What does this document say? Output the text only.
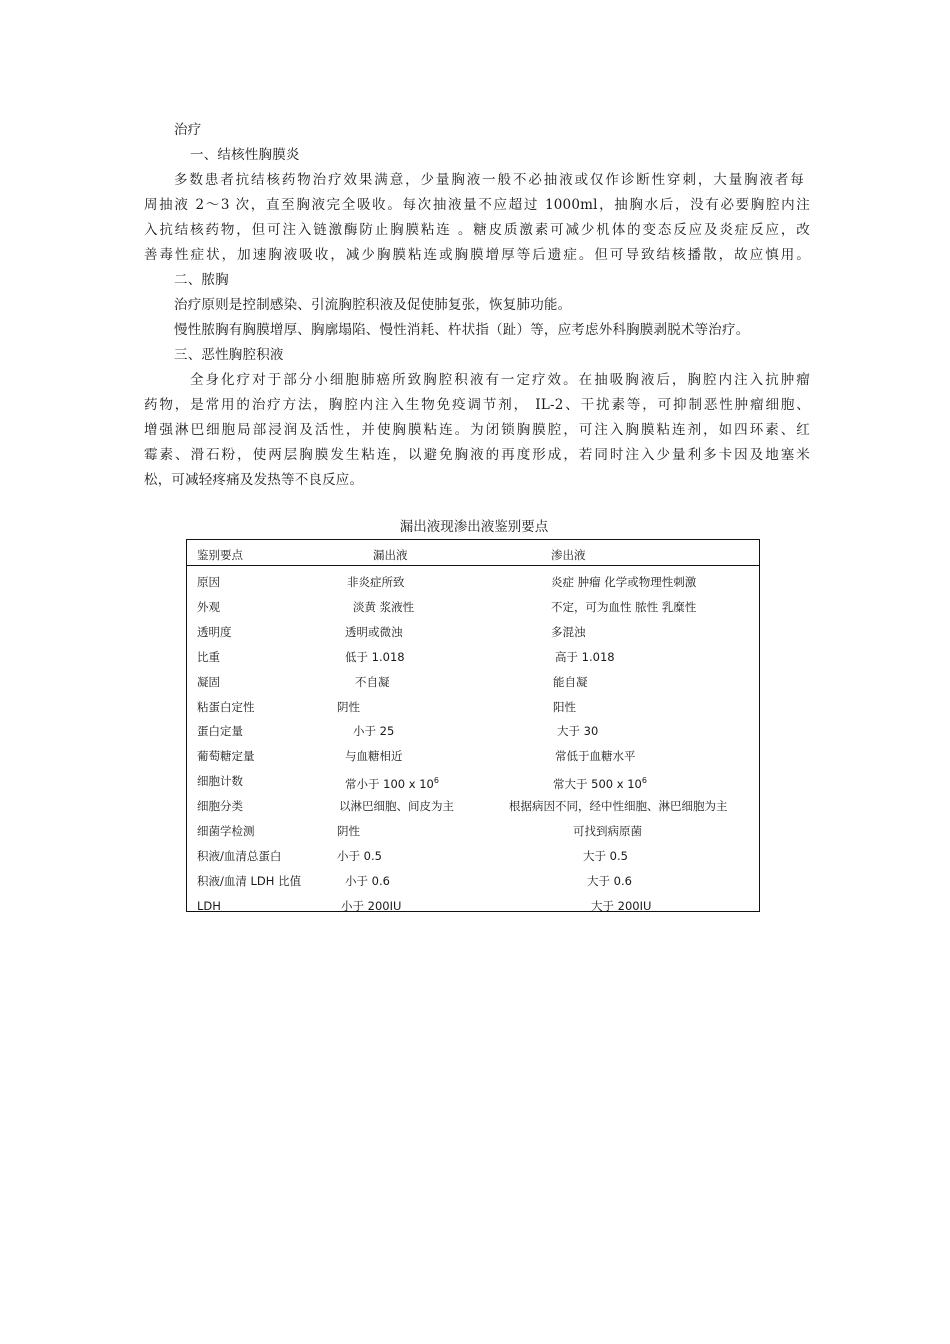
治疗
一、结核性胸膜炎
多数患者抗结核药物治疗效果满意，少量胸液一般不必抽液或仅作诊断性穿刺，大量胸液者每
周抽液 2～3 次，直至胸液完全吸收。每次抽液量不应超过 1000ml，抽胸水后，没有必要胸腔内注
入抗结核药物，但可注入链激酶防止胸膜粘连 。糖皮质激素可减少机体的变态反应及炎症反应，改
善毒性症状，加速胸液吸收，减少胸膜粘连或胸膜增厚等后遗症。但可导致结核播散，故应慎用。
二、脓胸
治疗原则是控制感染、引流胸腔积液及促使肺复张，恢复肺功能。
慢性脓胸有胸膜增厚、胸廓塌陷、慢性消耗、杵状指（趾）等，应考虑外科胸膜剥脱术等治疗。
三、恶性胸腔积液
全身化疗对于部分小细胞肺癌所致胸腔积液有一定疗效。在抽吸胸液后，胸腔内注入抗肿瘤
药物，是常用的治疗方法，胸腔内注入生物免疫调节剂， IL-2、干扰素等，可抑制恶性肿瘤细胞、
增强淋巴细胞局部浸润及活性，并使胸膜粘连。为闭锁胸膜腔，可注入胸膜粘连剂，如四环素、红
霉素、滑石粉，使两层胸膜发生粘连，以避免胸液的再度形成，若同时注入少量利多卡因及地塞米
松，可减轻疼痛及发热等不良反应。
漏出液现渗出液鉴别要点
鉴别要点	漏出液	渗出液
原因	非炎症所致	炎症 肿瘤 化学或物理性刺激
外观	淡黄 浆液性	不定，可为血性 脓性 乳糜性
透明度	透明或微浊	多混浊
比重	低于 1.018	高于 1.018
凝固	不自凝	能自凝
粘蛋白定性	阴性	阳性
蛋白定量	小于 25	大于 30
葡萄糖定量	与血糖相近	常低于血糖水平
细胞计数	常小于 100 x $10_6$	常大于 500 x $10_6$
细胞分类	以淋巴细胞、间皮为主	根据病因不同，经中性细胞、淋巴细胞为主
细菌学检测	阴性	可找到病原菌
积液/血清总蛋白	小于 0.5	大于 0.5
积液/血清 LDH 比值	小于 0.6	大于 0.6
LDH	小于 200IU	大于 200IU
